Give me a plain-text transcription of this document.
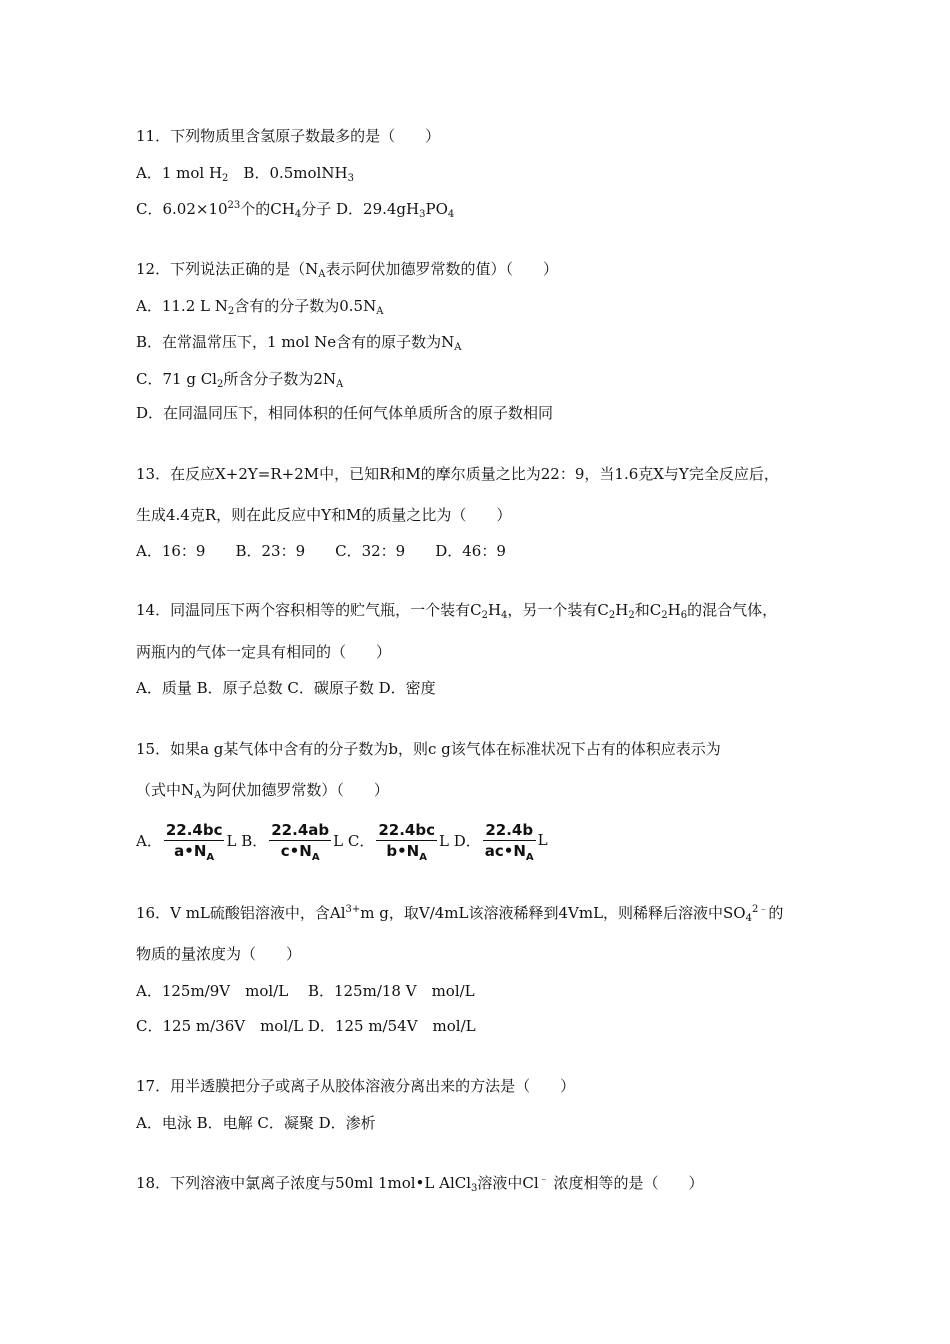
11．下列物质里含氢原子数最多的是（　　）
A．1 mol $H_2$　B．0.5molNH$_3$
C．$6.02\times 10^{23}$个的$CH_4$分子 D．$29.4gH_3PO_4$
12．下列说法正确的是（$N_A$表示阿伏加德罗常数的值）（　　）
A．11.2 L $N_2$含有的分子数为$0.5N_A$
B．在常温常压下，1 mol Ne含有的原子数为$N_A$
C．71 g $Cl_2$所含分子数为$2N_A$
D．在同温同压下，相同体积的任何气体单质所含的原子数相同
13．在反应X+2Y=R+2M中，已知R和M的摩尔质量之比为22：9，当1.6克X与Y完全反应后，
生成4.4克R，则在此反应中Y和M的质量之比为（　　）
A．16：9　　B．23：9　　C．32：9　　D．46：9
14．同温同压下两个容积相等的贮气瓶，一个装有$C_2H_4$，另一个装有$C_2H_2$和$C_2H_6$的混合气体，
两瓶内的气体一定具有相同的（　　）
A．质量 B．原子总数 C．碳原子数 D．密度
15．如果a g某气体中含有的分子数为b，则c g该气体在标准状况下占有的体积应表示为
（式中$N_A$为阿伏加德罗常数）（　　）
A． $\frac{22.4bc}{a•N_A}$ L B． $\frac{22.4ab}{c•N_A}$ L C． $\frac{22.4bc}{b•N_A}$ L D． $\frac{22.4b}{ac•N_A}$ L
16．V mL硫酸铝溶液中，含$Al^{3+}m$ g，取V/4mL该溶液稀释到4VmL，则稀释后溶液中$SO_4^{2﹣}$的
物质的量浓度为（　　）
A．125m/9V　mol/L　 B．125m/18 V　mol/L
C．125 m/36V　mol/L D．125 m/54V　mol/L
17．用半透膜把分子或离子从胶体溶液分离出来的方法是（　　）
A．电泳 B．电解 C．凝聚 D．渗析
18．下列溶液中氯离子浓度与50ml 1mol•L AlCl$_3$溶液中Cl﹣ 浓度相等的是（　　）
